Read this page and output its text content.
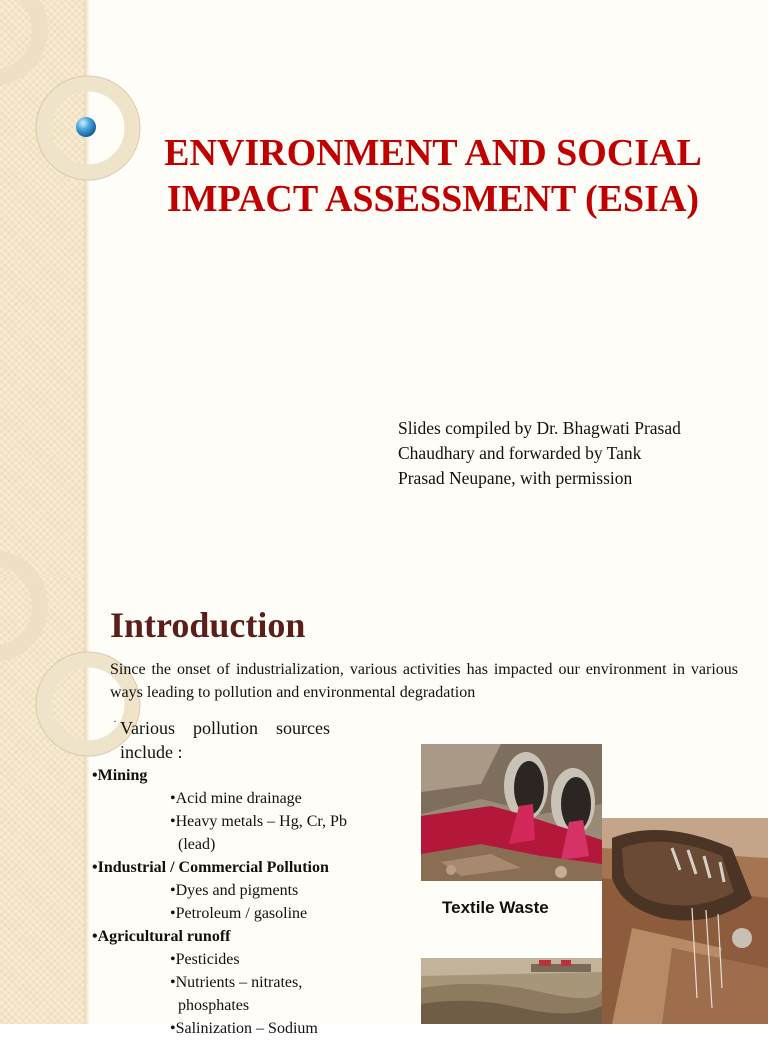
ENVIRONMENT AND SOCIAL
IMPACT ASSESSMENT (ESIA)
Slides compiled by Dr. Bhagwati Prasad
Chaudhary and forwarded by Tank
Prasad Neupane, with permission
Introduction

Since the onset of industrialization, various activities has impacted our environment in various ways leading to pollution and environmental degradation

· Various pollution sources include :
•Mining
•Acid mine drainage
•Heavy metals – Hg, Cr, Pb
(lead)
•Industrial / Commercial Pollution
•Dyes and pigments
•Petroleum / gasoline
•Agricultural runoff
•Pesticides
•Nutrients – nitrates,
phosphates
•Salinization – Sodium
Textile Waste
